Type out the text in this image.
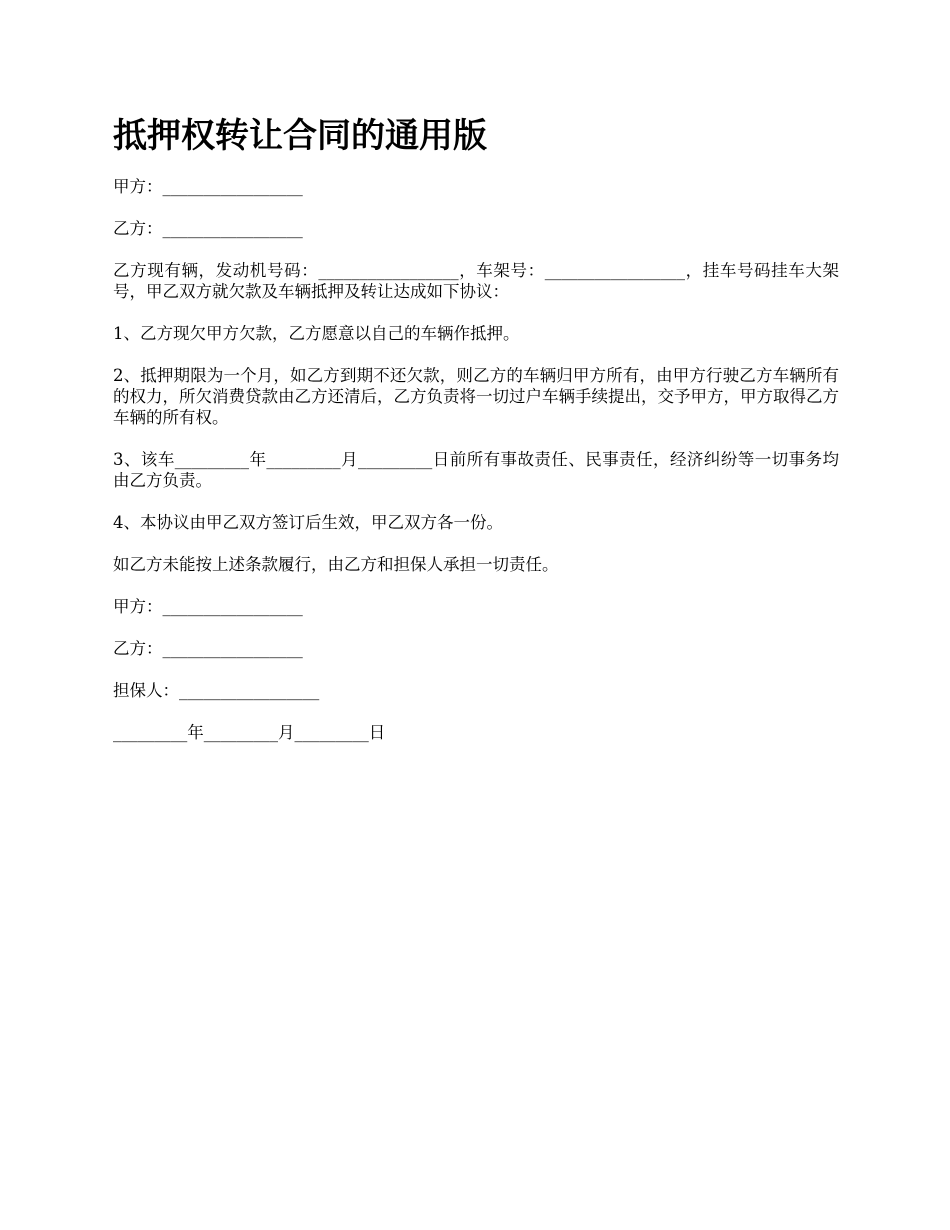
抵押权转让合同的通用版

甲方：_________________

乙方：_________________

乙方现有辆，发动机号码：_________________，车架号：_________________，挂车号码挂车大架号，甲乙双方就欠款及车辆抵押及转让达成如下协议：

1、乙方现欠甲方欠款，乙方愿意以自己的车辆作抵押。

2、抵押期限为一个月，如乙方到期不还欠款，则乙方的车辆归甲方所有，由甲方行驶乙方车辆所有的权力，所欠消费贷款由乙方还清后，乙方负责将一切过户车辆手续提出，交予甲方，甲方取得乙方车辆的所有权。

3、该车_________年_________月_________日前所有事故责任、民事责任，经济纠纷等一切事务均由乙方负责。

4、本协议由甲乙双方签订后生效，甲乙双方各一份。

如乙方未能按上述条款履行，由乙方和担保人承担一切责任。

甲方：_________________

乙方：_________________

担保人：_________________

_________年_________月_________日
